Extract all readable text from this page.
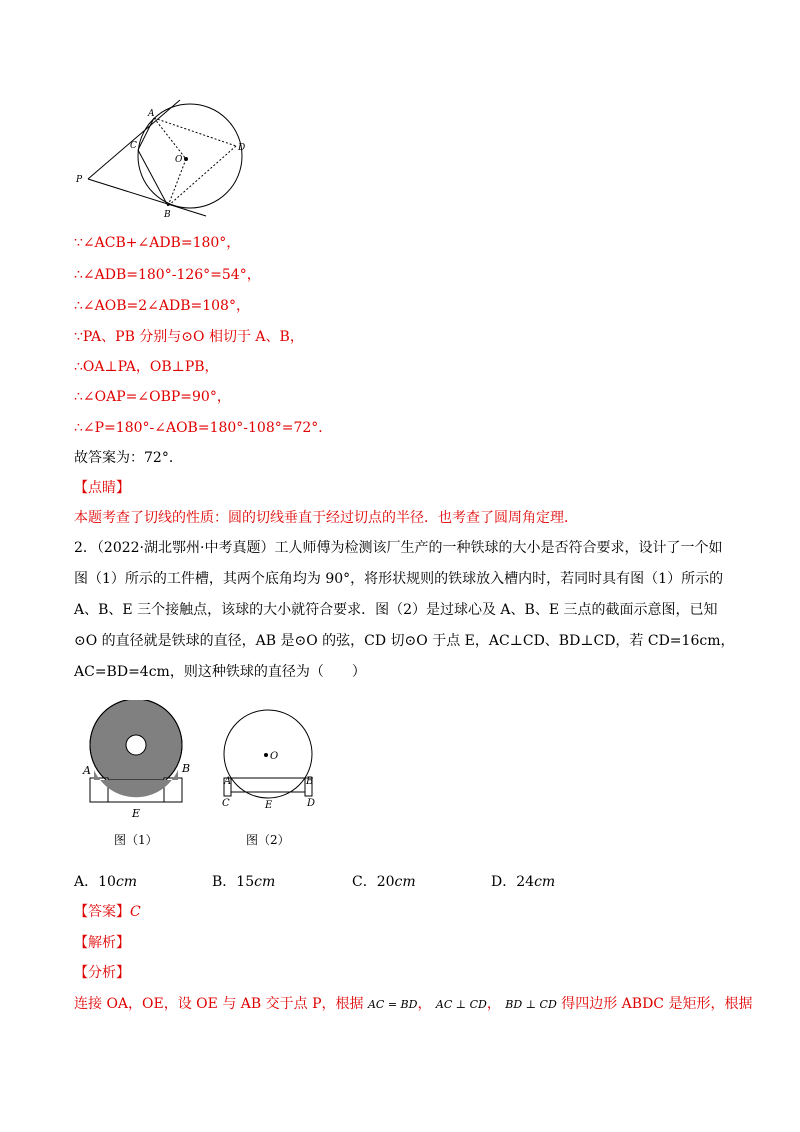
A
C
O
D
P
B
∵∠ACB+∠ADB=180°，
∴∠ADB=180°-126°=54°，
∴∠AOB=2∠ADB=108°，
∵PA、PB 分别与⊙O 相切于 A、B，
∴OA⊥PA，OB⊥PB，
∴∠OAP=∠OBP=90°，
∴∠P=180°-∠AOB=180°-108°=72°．
故答案为：72°．
【点睛】
本题考查了切线的性质：圆的切线垂直于经过切点的半径．也考查了圆周角定理．
2．（2022·湖北鄂州·中考真题）工人师傅为检测该厂生产的一种铁球的大小是否符合要求，设计了一个如
图（1）所示的工件槽，其两个底角均为 90°，将形状规则的铁球放入槽内时，若同时具有图（1）所示的
A、B、E 三个接触点，该球的大小就符合要求．图（2）是过球心及 A、B、E 三点的截面示意图，已知
⊙O 的直径就是铁球的直径，AB 是⊙O 的弦，CD 切⊙O 于点 E，AC⊥CD、BD⊥CD，若 CD=16cm，
AC=BD=4cm，则这种铁球的直径为（　　）
A	B
E
图（1）
O
A	B
C	D
E
图（2）
A．10cm	B．15cm	C．20cm	D．24cm
【答案】C
【解析】
【分析】
连接 OA，OE，设 OE 与 AB 交于点 P，根据 AC = BD， AC ⊥ CD， BD ⊥ CD 得四边形 ABDC 是矩形，根据
